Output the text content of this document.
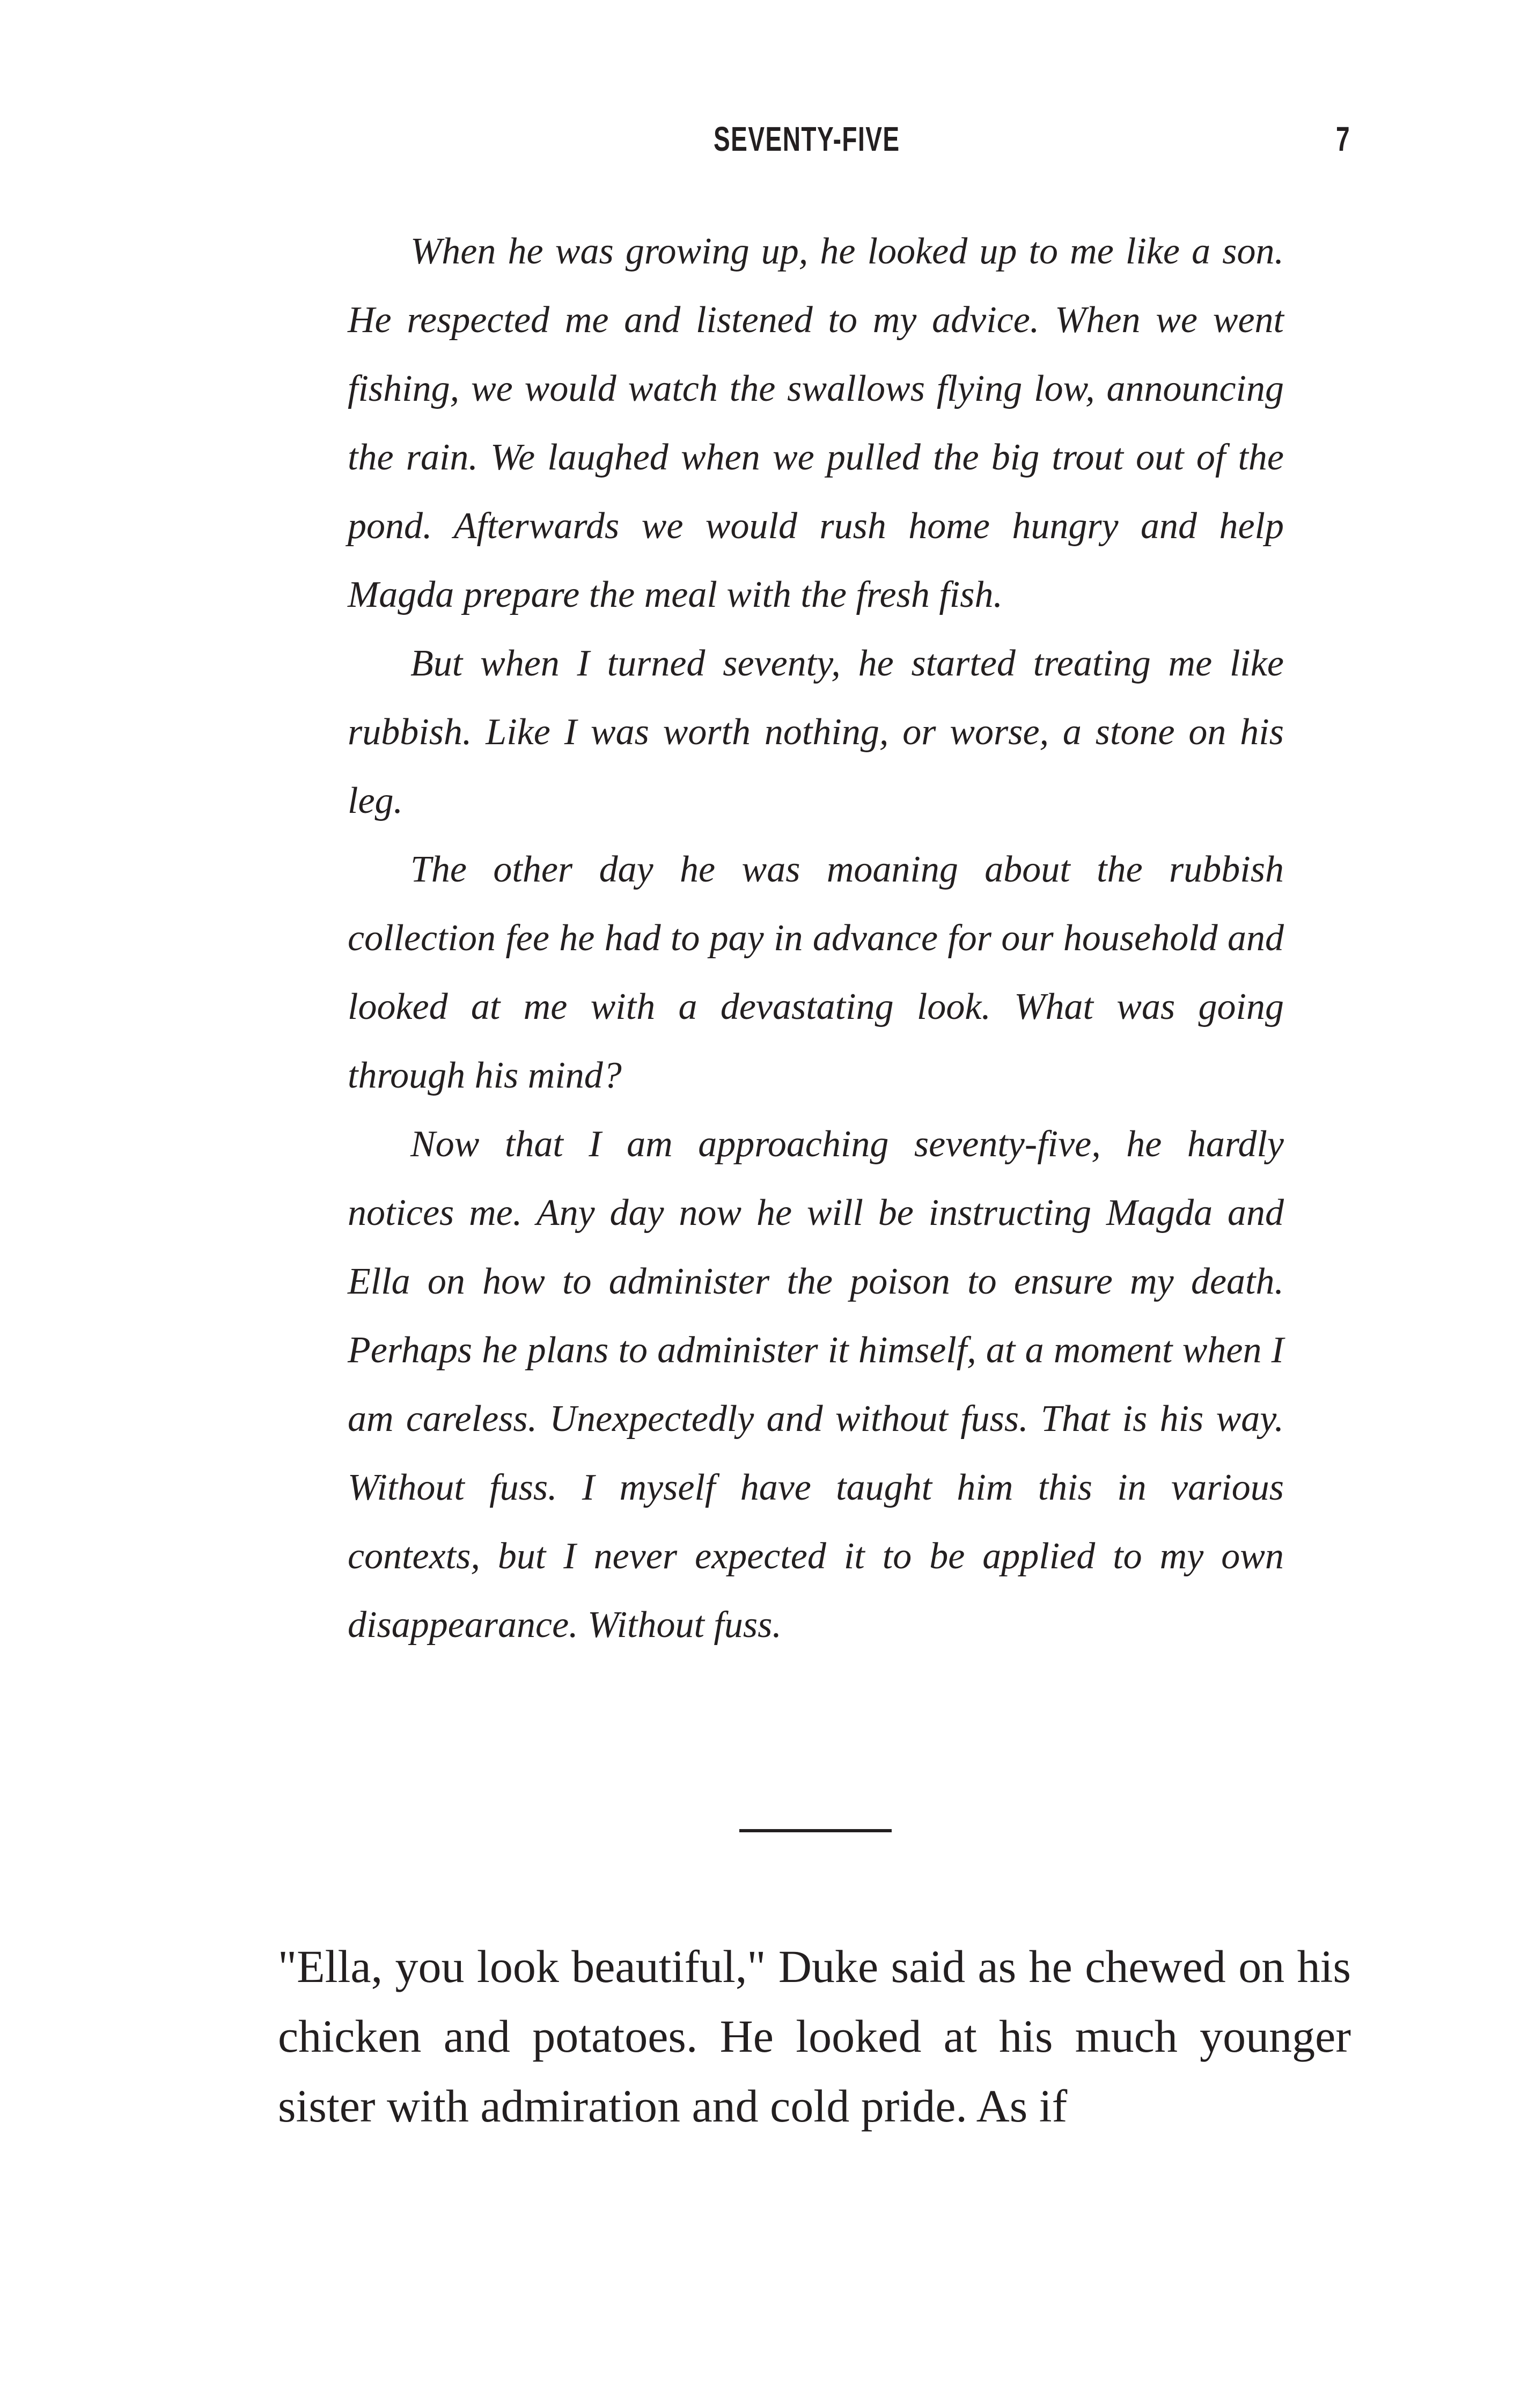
SEVENTY-FIVE	7

When he was growing up, he looked up to me like a son. He respected me and listened to my advice. When we went fishing, we would watch the swallows flying low, announcing the rain. We laughed when we pulled the big trout out of the pond. Afterwards we would rush home hungry and help Magda prepare the meal with the fresh fish.

But when I turned seventy, he started treating me like rubbish. Like I was worth nothing, or worse, a stone on his leg.

The other day he was moaning about the rubbish collection fee he had to pay in advance for our household and looked at me with a devastating look. What was going through his mind?

Now that I am approaching seventy-five, he hardly notices me. Any day now he will be instructing Magda and Ella on how to administer the poison to ensure my death. Perhaps he plans to administer it himself, at a moment when I am careless. Unexpectedly and without fuss. That is his way. Without fuss. I myself have taught him this in various contexts, but I never expected it to be applied to my own disappearance. Without fuss.

"Ella, you look beautiful," Duke said as he chewed on his chicken and potatoes. He looked at his much younger sister with admiration and cold pride. As if
